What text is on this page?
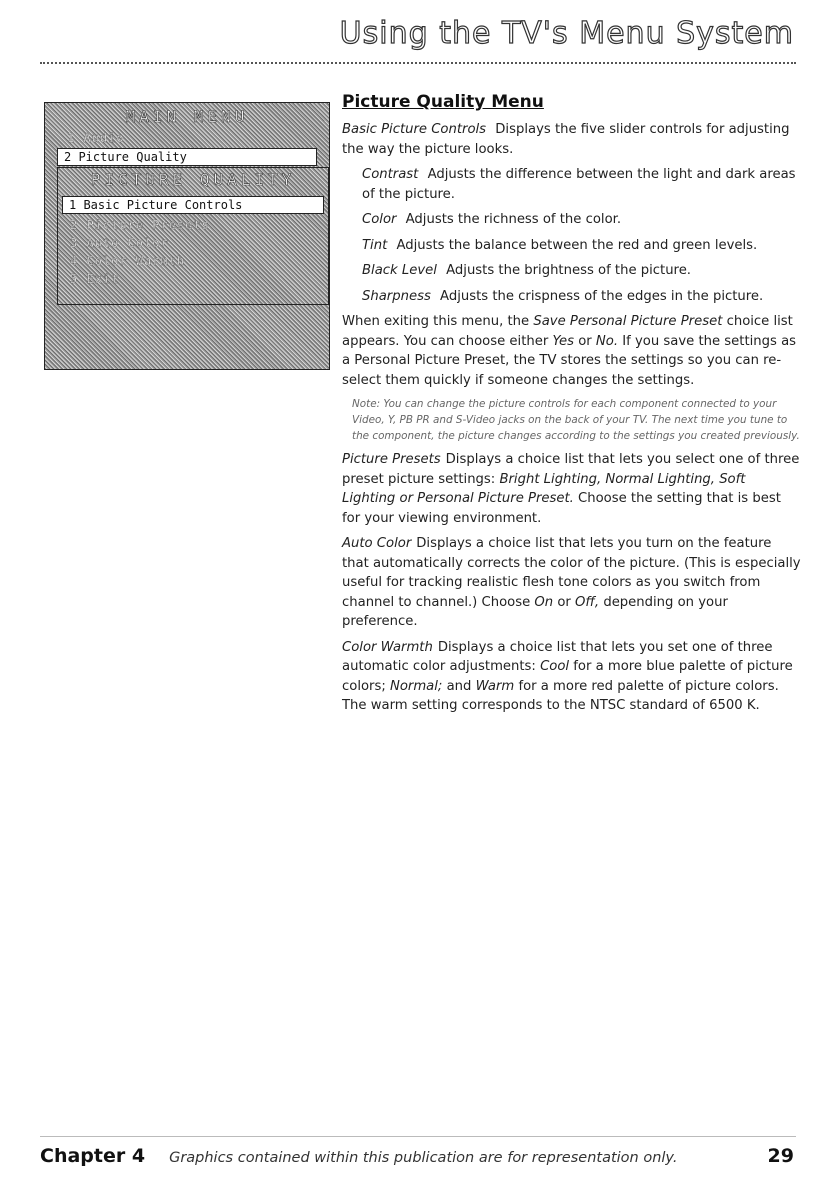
Using the TV's Menu System
MAIN MENU
1 Audio
2 Picture Quality
PICTURE QUALITY
1 Basic Picture Controls
2 Picture Presets
3 Auto Color
4 Color Warmth
5 Exit
Picture Quality Menu

Basic Picture Controls Displays the five slider controls for adjusting the way the picture looks.

Contrast Adjusts the difference between the light and dark areas of the picture.

Color Adjusts the richness of the color.

Tint Adjusts the balance between the red and green levels.

Black Level Adjusts the brightness of the picture.

Sharpness Adjusts the crispness of the edges in the picture.

When exiting this menu, the Save Personal Picture Preset choice list appears. You can choose either Yes or No. If you save the settings as a Personal Picture Preset, the TV stores the settings so you can re-select them quickly if someone changes the settings.

Note: You can change the picture controls for each component connected to your Video, Y, PB PR and S-Video jacks on the back of your TV. The next time you tune to the component, the picture changes according to the settings you created previously.

Picture Presets Displays a choice list that lets you select one of three preset picture settings: Bright Lighting, Normal Lighting, Soft Lighting or Personal Picture Preset. Choose the setting that is best for your viewing environment.

Auto Color Displays a choice list that lets you turn on the feature that automatically corrects the color of the picture. (This is especially useful for tracking realistic flesh tone colors as you switch from channel to channel.) Choose On or Off, depending on your preference.

Color Warmth Displays a choice list that lets you set one of three automatic color adjustments: Cool for a more blue palette of picture colors; Normal; and Warm for a more red palette of picture colors. The warm setting corresponds to the NTSC standard of 6500 K.

Chapter 4 Graphics contained within this publication are for representation only.	29
